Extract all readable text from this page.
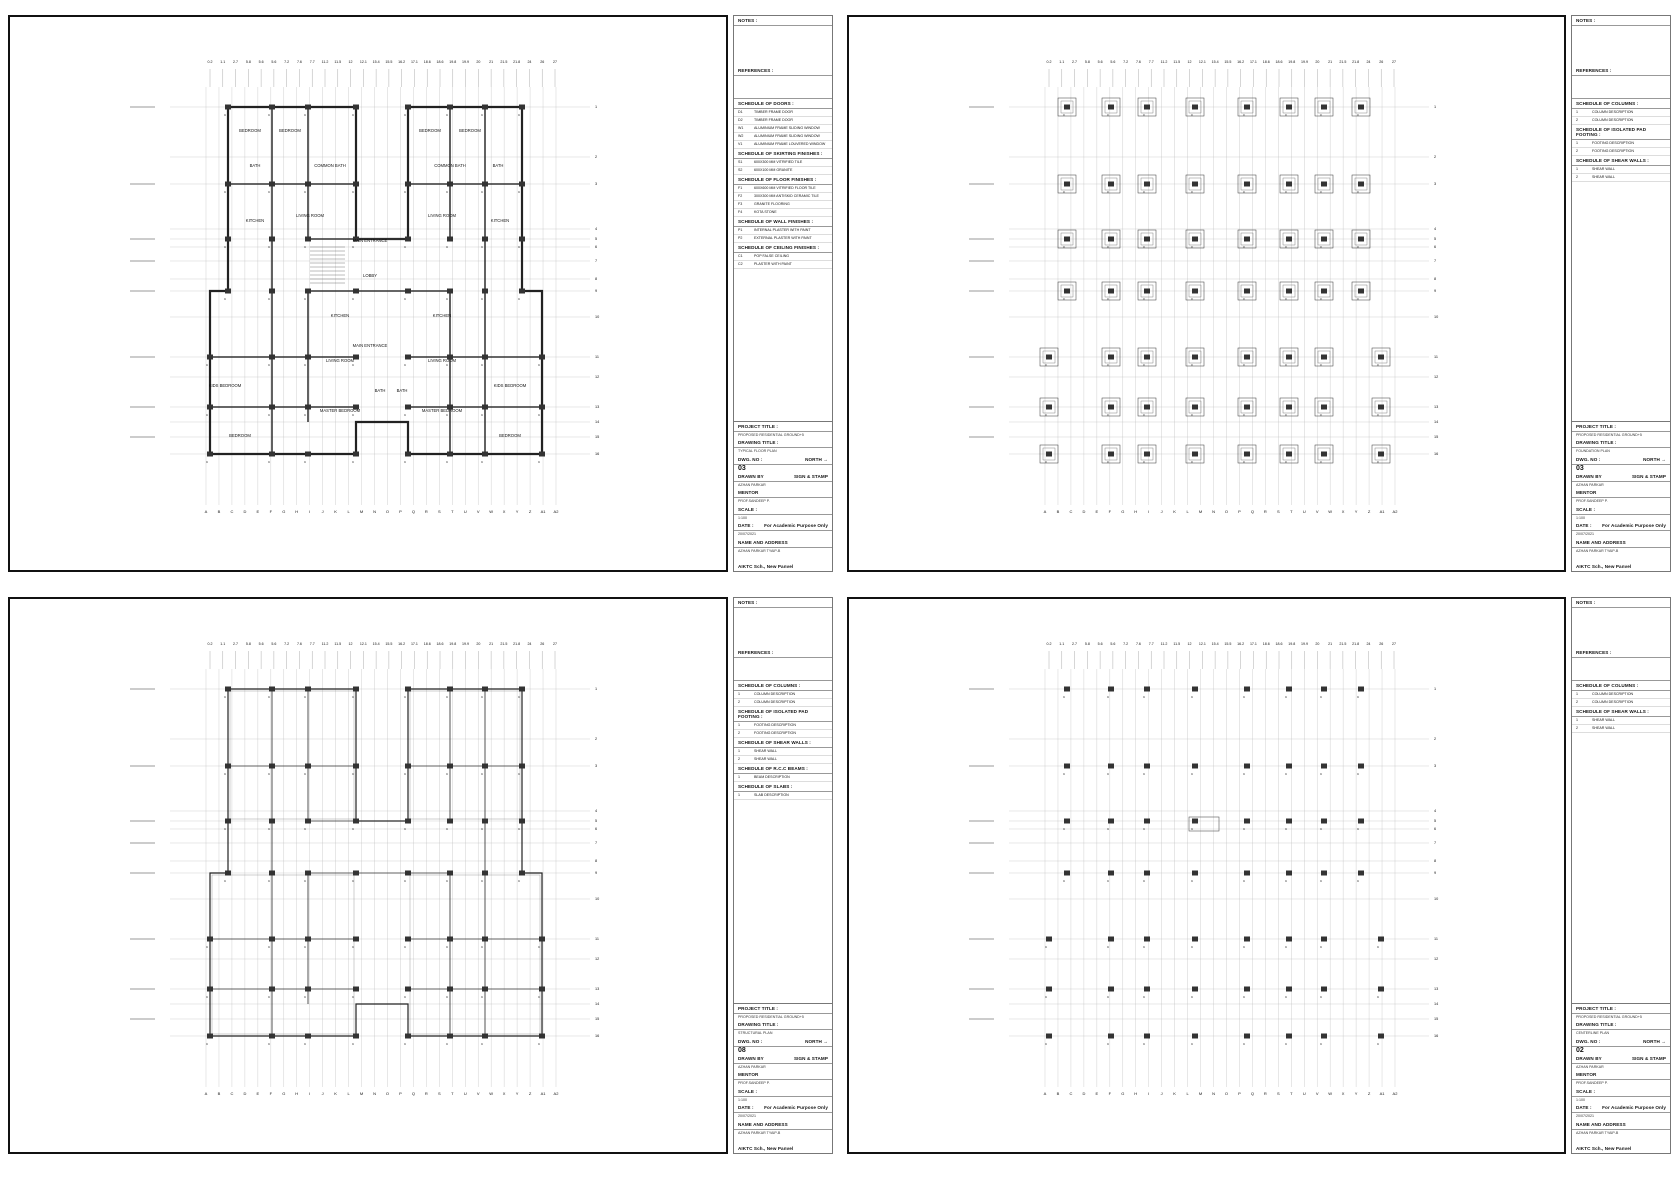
0.2 1.1 2.7 5.8 5.6 5.6 7.2 7.6 7.7 11.2 11.5 12 12.1 15.4 15.5 16.2 17.1 18.6 18.6 19.8 19.9 20 21 21.5 21.8 24 26 27
A	B	C	D	E	F	G H	I	J	K	L	M N O	P	Q R	S	T	U	V W X	Y	Z A1 A2
1
2
3
4
5
6
7
8
9
10
11
12
13
14
15
16
C	C	C	C	C	C	C	C
C	C	C	C	C	C	C	C
C	C	C	C	C	C	C	C
C	C	C	C	C	C	C	C
C	C	C	C	C	C	C	C
C	C	C	C	C	C	C	C
C	C	C	C	C	C	C	C
BEDROOM	BEDROOM	BEDROOM	BEDROOM
BATH	BATH
COMMON BATH	COMMON BATH
LIVING ROOM	LIVING ROOM
KITCHEN	KITCHEN
MAIN ENTRANCE
LOBBY
KITCHEN	KITCHEN
LIVING ROOM	LIVING ROOM
MAIN ENTRANCE
KIDS BEDROOM	KIDS BEDROOM
MASTER BEDROOM	MASTER BEDROOM
BATH	BATH
BEDROOM	BEDROOM
NOTES :
REFERENCES :
SCHEDULE OF DOORS :
D1	TIMBER FRAME DOOR
D2	TIMBER FRAME DOOR
W1	ALUMINIUM FRAME SLIDING WINDOW
W2	ALUMINIUM FRAME SLIDING WINDOW
V1	ALUMINIUM FRAME LOUVERED WINDOW
SCHEDULE OF SKIRTING FINISHES :
S1	600X300 MM VITRIFIED TILE
S2	600X100 MM GRANITE
SCHEDULE OF FLOOR FINISHES :
F1	600X600 MM VITRIFIED FLOOR TILE
F2	300X300 MM ANTISKID CERAMIC TILE
F3	GRANITE FLOORING
F4	KOTA STONE
SCHEDULE OF WALL FINISHES :
P1	INTERNAL PLASTER WITH PAINT
P2	EXTERNAL PLASTER WITH PAINT
SCHEDULE OF CEILING FINISHES :
C1	POP FALSE CEILING
C2	PLASTER WITH PAINT
PROJECT TITLE :
PROPOSED RESIDENTIAL GROUND+5
DRAWING TITLE :
TYPICAL FLOOR PLAN
DWG. NO :	NORTH →
03
DRAWN BY	SIGN & STAMP
AZHAN PARKAR
MENTOR
PROF.SANDEEP P.
SCALE :
1:100
DATE : For Academic Purpose Only
20/07/2021
NAME AND ADDRESS
AZHAN PARKAR TYAIP-B
AIKTC Sch., New Panvel
0.2 1.1 2.7 5.8 5.6 5.6 7.2 7.6 7.7 11.2 11.5 12 12.1 15.4 15.5 16.2 17.1 18.6 18.6 19.8 19.9 20 21 21.5 21.8 24 26 27
A	B	C	D	E	F	G H	I	J	K	L	M N O	P	Q R	S	T	U	V W X	Y	Z A1 A2
1
2
3
4
5
6
7
8
9
10
11
12
13
14
15
16
C	C	C	C	C	C	C	C
C	C	C	C	C	C	C	C
C	C	C	C	C	C	C	C
C	C	C	C	C	C	C	C
C	C	C	C	C	C	C	C
C	C	C	C	C	C	C	C
C	C	C	C	C	C	C	C
NOTES :
REFERENCES :
SCHEDULE OF COLUMNS :
1	COLUMN DESCRIPTION
2	COLUMN DESCRIPTION
SCHEDULE OF ISOLATED PAD FOOTING :
1	FOOTING DESCRIPTION
2	FOOTING DESCRIPTION
SCHEDULE OF SHEAR WALLS :
1	SHEAR WALL
2	SHEAR WALL
PROJECT TITLE :
PROPOSED RESIDENTIAL GROUND+5
DRAWING TITLE :
FOUNDATION PLAN
DWG. NO :	NORTH →
03
DRAWN BY	SIGN & STAMP
AZHAN PARKAR
MENTOR
PROF.SANDEEP P.
SCALE :
1:100
DATE : For Academic Purpose Only
20/07/2021
NAME AND ADDRESS
AZHAN PARKAR TYAIP-B
AIKTC Sch., New Panvel
0.2 1.1 2.7 5.8 5.6 5.6 7.2 7.6 7.7 11.2 11.5 12 12.1 15.4 15.5 16.2 17.1 18.6 18.6 19.8 19.9 20 21 21.5 21.8 24 26 27
A	B	C	D	E	F	G H	I	J	K	L	M N O	P	Q R	S	T	U	V W X	Y	Z A1 A2
1
2
3
4
5
6
7
8
9
10
11
12
13
14
15
16
C	C	C	C	C	C	C	C
C	C	C	C	C	C	C	C
C	C	C	C	C	C	C	C
C	C	C	C	C	C	C	C
C	C	C	C	C	C	C	C
C	C	C	C	C	C	C	C
C	C	C	C	C	C	C	C
NOTES :
REFERENCES :
SCHEDULE OF COLUMNS :
1	COLUMN DESCRIPTION
2	COLUMN DESCRIPTION
SCHEDULE OF ISOLATED PAD FOOTING :
1	FOOTING DESCRIPTION
2	FOOTING DESCRIPTION
SCHEDULE OF SHEAR WALLS :
1	SHEAR WALL
2	SHEAR WALL
SCHEDULE OF R.C.C BEAMS :
1	BEAM DESCRIPTION
SCHEDULE OF SLABS :
1	SLAB DESCRIPTION
PROJECT TITLE :
PROPOSED RESIDENTIAL GROUND+5
DRAWING TITLE :
STRUCTURAL PLAN
DWG. NO :	NORTH →
08
DRAWN BY	SIGN & STAMP
AZHAN PARKAR
MENTOR
PROF.SANDEEP P.
SCALE :
1:100
DATE : For Academic Purpose Only
20/07/2021
NAME AND ADDRESS
AZHAN PARKAR TYAIP-B
AIKTC Sch., New Panvel
0.2 1.1 2.7 5.8 5.6 5.6 7.2 7.6 7.7 11.2 11.5 12 12.1 15.4 15.5 16.2 17.1 18.6 18.6 19.8 19.9 20 21 21.5 21.8 24 26 27
A	B	C	D	E	F	G H	I	J	K	L	M N O	P	Q R	S	T	U	V W X	Y	Z A1 A2
1
2
3
4
5
6
7
8
9
10
11
12
13
14
15
16
C	C	C	C	C	C	C	C
C	C	C	C	C	C	C	C
C	C	C	C	C	C	C	C
C	C	C	C	C	C	C	C
C	C	C	C	C	C	C	C
C	C	C	C	C	C	C	C
C	C	C	C	C	C	C	C
NOTES :
REFERENCES :
SCHEDULE OF COLUMNS :
1	COLUMN DESCRIPTION
2	COLUMN DESCRIPTION
SCHEDULE OF SHEAR WALLS :
1	SHEAR WALL
2	SHEAR WALL
PROJECT TITLE :
PROPOSED RESIDENTIAL GROUND+5
DRAWING TITLE :
CENTERLINE PLAN
DWG. NO :	NORTH →
02
DRAWN BY	SIGN & STAMP
AZHAN PARKAR
MENTOR
PROF.SANDEEP P.
SCALE :
1:100
DATE : For Academic Purpose Only
20/07/2021
NAME AND ADDRESS
AZHAN PARKAR TYAIP-B
AIKTC Sch., New Panvel
